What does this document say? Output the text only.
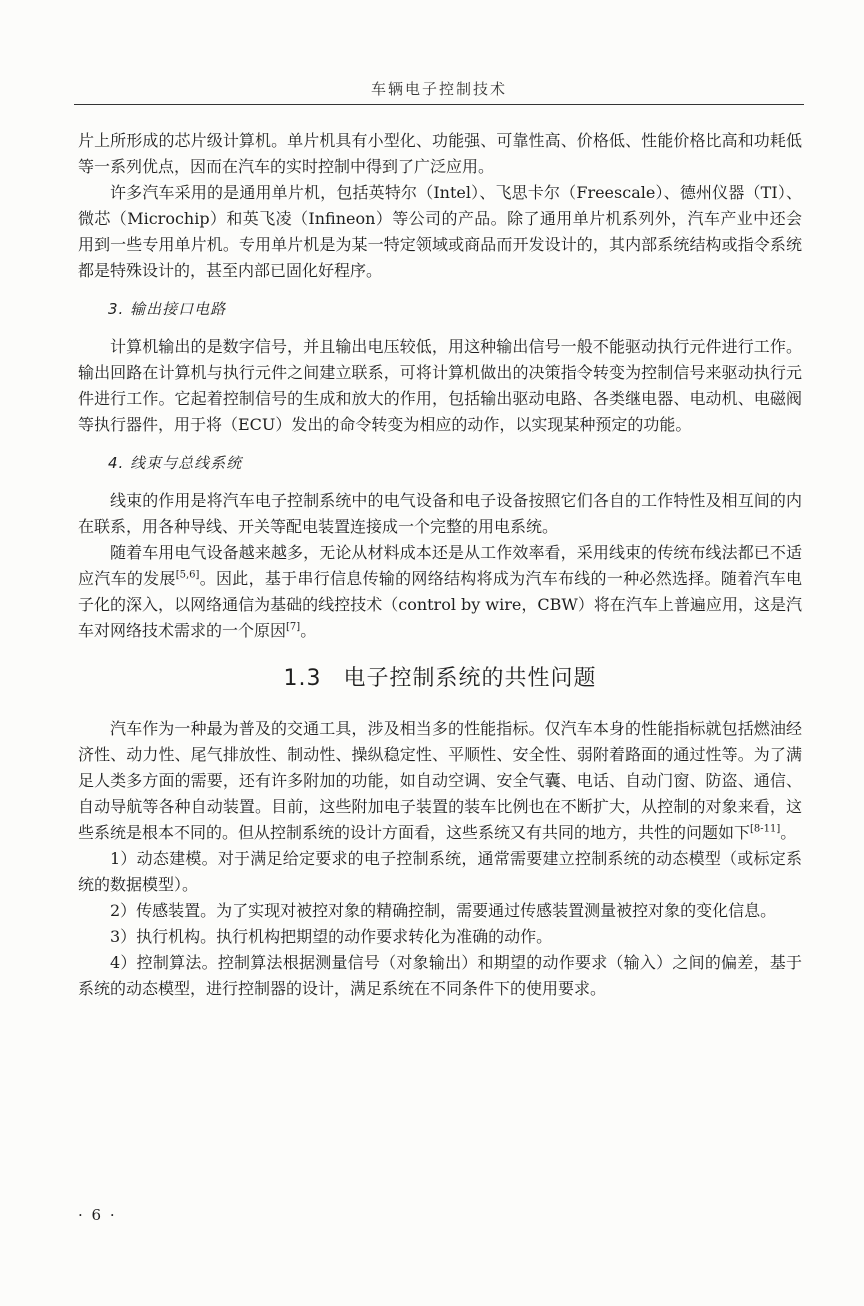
车辆电子控制技术

片上所形成的芯片级计算机。单片机具有小型化、功能强、可靠性高、价格低、性能价格比高和功耗低等一系列优点，因而在汽车的实时控制中得到了广泛应用。

许多汽车采用的是通用单片机，包括英特尔（Intel）、飞思卡尔（Freescale）、德州仪器（TI）、微芯（Microchip）和英飞凌（Infineon）等公司的产品。除了通用单片机系列外，汽车产业中还会用到一些专用单片机。专用单片机是为某一特定领域或商品而开发设计的，其内部系统结构或指令系统都是特殊设计的，甚至内部已固化好程序。

3. 输出接口电路

计算机输出的是数字信号，并且输出电压较低，用这种输出信号一般不能驱动执行元件进行工作。输出回路在计算机与执行元件之间建立联系，可将计算机做出的决策指令转变为控制信号来驱动执行元件进行工作。它起着控制信号的生成和放大的作用，包括输出驱动电路、各类继电器、电动机、电磁阀等执行器件，用于将（ECU）发出的命令转变为相应的动作，以实现某种预定的功能。

4. 线束与总线系统

线束的作用是将汽车电子控制系统中的电气设备和电子设备按照它们各自的工作特性及相互间的内在联系，用各种导线、开关等配电装置连接成一个完整的用电系统。

随着车用电气设备越来越多，无论从材料成本还是从工作效率看，采用线束的传统布线法都已不适应汽车的发展[5,6]。因此，基于串行信息传输的网络结构将成为汽车布线的一种必然选择。随着汽车电子化的深入，以网络通信为基础的线控技术（control by wire，CBW）将在汽车上普遍应用，这是汽车对网络技术需求的一个原因[7]。

1.3 电子控制系统的共性问题

汽车作为一种最为普及的交通工具，涉及相当多的性能指标。仅汽车本身的性能指标就包括燃油经济性、动力性、尾气排放性、制动性、操纵稳定性、平顺性、安全性、弱附着路面的通过性等。为了满足人类多方面的需要，还有许多附加的功能，如自动空调、安全气囊、电话、自动门窗、防盗、通信、自动导航等各种自动装置。目前，这些附加电子装置的装车比例也在不断扩大，从控制的对象来看，这些系统是根本不同的。但从控制系统的设计方面看，这些系统又有共同的地方，共性的问题如下[8-11]。

1）动态建模。对于满足给定要求的电子控制系统，通常需要建立控制系统的动态模型（或标定系统的数据模型）。

2）传感装置。为了实现对被控对象的精确控制，需要通过传感装置测量被控对象的变化信息。

3）执行机构。执行机构把期望的动作要求转化为准确的动作。

4）控制算法。控制算法根据测量信号（对象输出）和期望的动作要求（输入）之间的偏差，基于系统的动态模型，进行控制器的设计，满足系统在不同条件下的使用要求。

· 6 ·
